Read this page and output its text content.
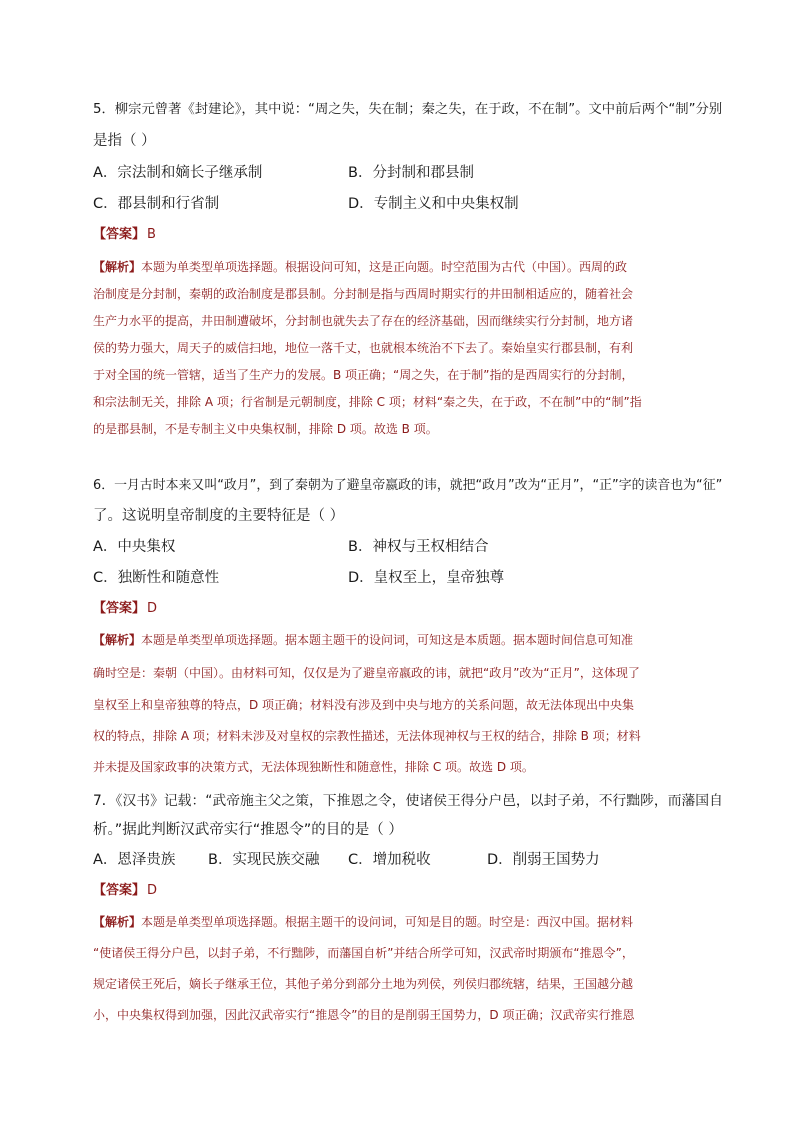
5．柳宗元曾著《封建论》，其中说：“周之失，失在制；秦之失，在于政，不在制”。文中前后两个“制”分别
是指（ ）
A．宗法制和嫡长子继承制	B．分封制和郡县制
C．郡县制和行省制	D．专制主义和中央集权制
【答案】 B
【解析】本题为单类型单项选择题。根据设问可知，这是正向题。时空范围为古代（中国）。西周的政
治制度是分封制，秦朝的政治制度是郡县制。分封制是指与西周时期实行的井田制相适应的，随着社会
生产力水平的提高，井田制遭破坏，分封制也就失去了存在的经济基础，因而继续实行分封制，地方诸
侯的势力强大，周天子的威信扫地，地位一落千丈，也就根本统治不下去了。秦始皇实行郡县制，有利
于对全国的统一管辖，适当了生产力的发展。B 项正确；“周之失，在于制”指的是西周实行的分封制，
和宗法制无关，排除 A 项；行省制是元朝制度，排除 C 项；材料“秦之失，在于政，不在制”中的“制”指
的是郡县制，不是专制主义中央集权制，排除 D 项。故选 B 项。
6．一月古时本来又叫“政月”，到了秦朝为了避皇帝嬴政的讳，就把“政月”改为“正月”，“正”字的读音也为“征”
了。这说明皇帝制度的主要特征是（ ）
A．中央集权	B．神权与王权相结合
C．独断性和随意性	D．皇权至上，皇帝独尊
【答案】 D
【解析】本题是单类型单项选择题。据本题主题干的设问词，可知这是本质题。据本题时间信息可知准
确时空是：秦朝（中国）。由材料可知，仅仅是为了避皇帝嬴政的讳，就把“政月”改为“正月”，这体现了
皇权至上和皇帝独尊的特点，D 项正确；材料没有涉及到中央与地方的关系问题，故无法体现出中央集
权的特点，排除 A 项；材料未涉及对皇权的宗教性描述，无法体现神权与王权的结合，排除 B 项；材料
并未提及国家政事的决策方式，无法体现独断性和随意性，排除 C 项。故选 D 项。
7．《汉书》记载：“武帝施主父之策，下推恩之令，使诸侯王得分户邑，以封子弟，不行黜陟，而藩国自
析。”据此判断汉武帝实行“推恩令”的目的是（ ）
A．恩泽贵族 B．实现民族交融 C．增加税收	D．削弱王国势力
【答案】 D
【解析】本题是单类型单项选择题。根据主题干的设问词，可知是目的题。时空是：西汉中国。据材料
“使诸侯王得分户邑，以封子弟，不行黜陟，而藩国自析”并结合所学可知，汉武帝时期颁布“推恩令”，
规定诸侯王死后，嫡长子继承王位，其他子弟分到部分土地为列侯，列侯归郡统辖，结果，王国越分越
小，中央集权得到加强，因此汉武帝实行“推恩令”的目的是削弱王国势力，D 项正确；汉武帝实行推恩
